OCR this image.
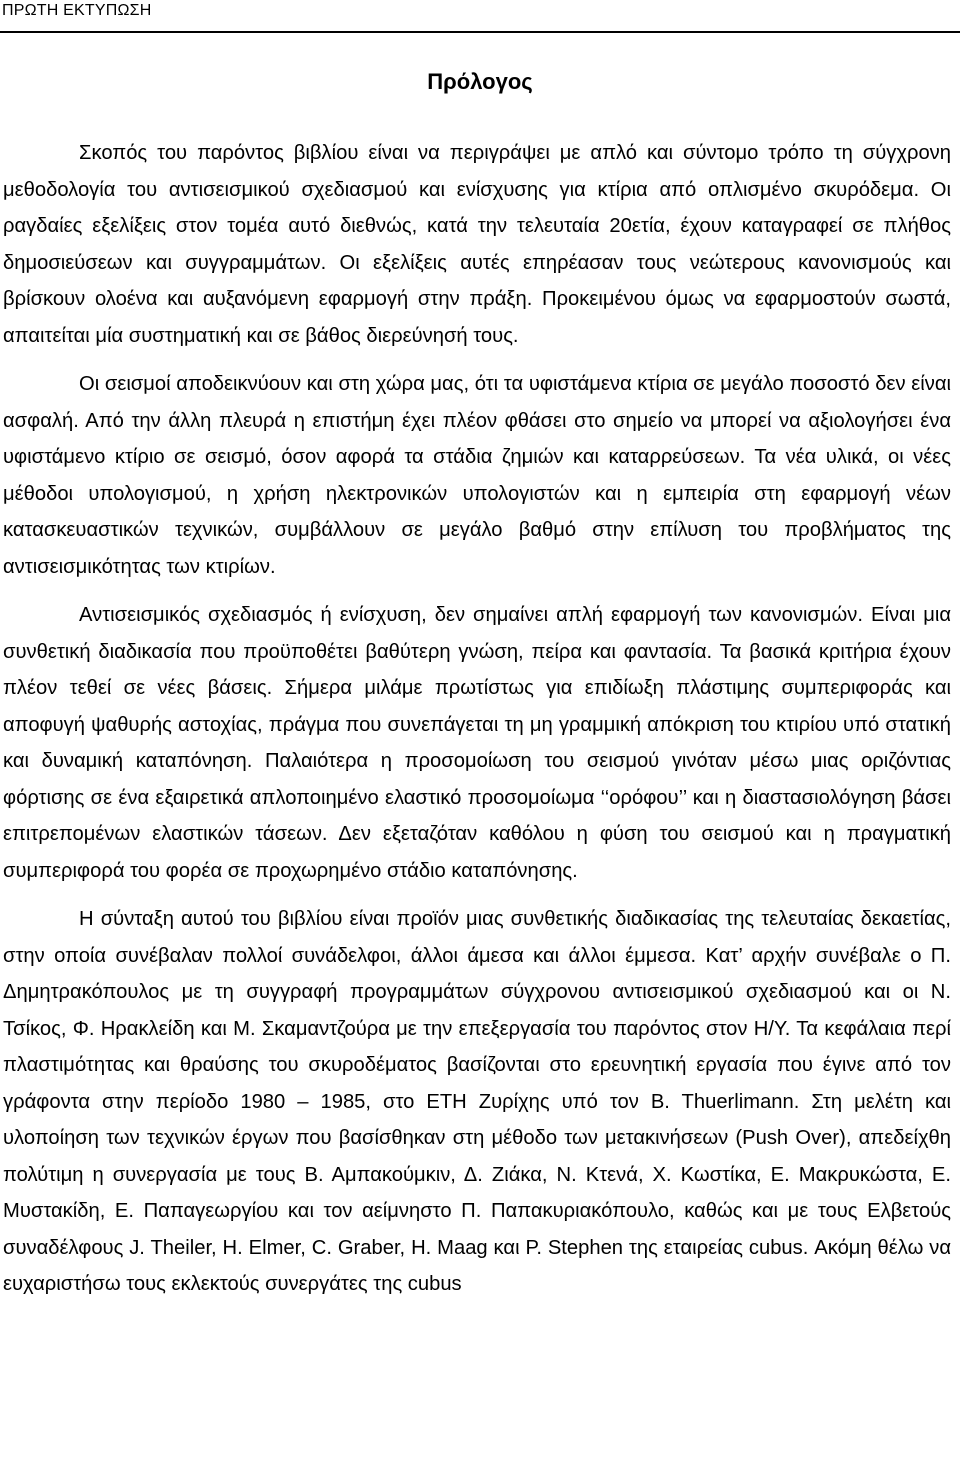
ΠΡΩΤΗ ΕΚΤΥΠΩΣΗ
Πρόλογος

Σκοπός του παρόντος βιβλίου είναι να περιγράψει με απλό και σύντομο τρόπο τη σύγχρονη μεθοδολογία του αντισεισμικού σχεδιασμού και ενίσχυσης για κτίρια από οπλισμένο σκυρόδεμα. Οι ραγδαίες εξελίξεις στον τομέα αυτό διεθνώς, κατά την τελευταία 20ετία, έχουν καταγραφεί σε πλήθος δημοσιεύσεων και συγγραμμάτων. Οι εξελίξεις αυτές επηρέασαν τους νεώτερους κανονισμούς και βρίσκουν ολοένα και αυξανόμενη εφαρμογή στην πράξη. Προκειμένου όμως να εφαρμοστούν σωστά, απαιτείται μία συστηματική και σε βάθος διερεύνησή τους.

Οι σεισμοί αποδεικνύουν και στη χώρα μας, ότι τα υφιστάμενα κτίρια σε μεγάλο ποσοστό δεν είναι ασφαλή. Από την άλλη πλευρά η επιστήμη έχει πλέον φθάσει στο σημείο να μπορεί να αξιολογήσει ένα υφιστάμενο κτίριο σε σεισμό, όσον αφορά τα στάδια ζημιών και καταρρεύσεων. Τα νέα υλικά, οι νέες μέθοδοι υπολογισμού, η χρήση ηλεκτρονικών υπολογιστών και η εμπειρία στη εφαρμογή νέων κατασκευαστικών τεχνικών, συμβάλλουν σε μεγάλο βαθμό στην επίλυση του προβλήματος της αντισεισμικότητας των κτιρίων.

Αντισεισμικός σχεδιασμός ή ενίσχυση, δεν σημαίνει απλή εφαρμογή των κανονισμών. Είναι μια συνθετική διαδικασία που προϋποθέτει βαθύτερη γνώση, πείρα και φαντασία. Τα βασικά κριτήρια έχουν πλέον τεθεί σε νέες βάσεις. Σήμερα μιλάμε πρωτίστως για επιδίωξη πλάστιμης συμπεριφοράς και αποφυγή ψαθυρής αστοχίας, πράγμα που συνεπάγεται τη μη γραμμική απόκριση του κτιρίου υπό στατική και δυναμική καταπόνηση. Παλαιότερα η προσομοίωση του σεισμού γινόταν μέσω μιας οριζόντιας φόρτισης σε ένα εξαιρετικά απλοποιημένο ελαστικό προσομοίωμα ‘‘ορόφου’’ και η διαστασιολόγηση βάσει επιτρεπομένων ελαστικών τάσεων. Δεν εξεταζόταν καθόλου η φύση του σεισμού και η πραγματική συμπεριφορά του φορέα σε προχωρημένο στάδιο καταπόνησης.

Η σύνταξη αυτού του βιβλίου είναι προϊόν μιας συνθετικής διαδικασίας της τελευταίας δεκαετίας, στην οποία συνέβαλαν πολλοί συνάδελφοι, άλλοι άμεσα και άλλοι έμμεσα. Κατ’ αρχήν συνέβαλε ο Π. Δημητρακόπουλος με τη συγγραφή προγραμμάτων σύγχρονου αντισεισμικού σχεδιασμού και οι Ν. Τσίκος, Φ. Ηρακλείδη και Μ. Σκαμαντζούρα με την επεξεργασία του παρόντος στον Η/Υ. Τα κεφάλαια περί πλαστιμότητας και θραύσης του σκυροδέματος βασίζονται στο ερευνητική εργασία που έγινε από τον γράφοντα στην περίοδο 1980 – 1985, στο ΕΤΗ Ζυρίχης υπό τον B. Thuerlimann. Στη μελέτη και υλοποίηση των τεχνικών έργων που βασίσθηκαν στη μέθοδο των μετακινήσεων (Push Over), απεδείχθη πολύτιμη η συνεργασία με τους Β. Αμπακούμκιν, Δ. Ζιάκα, Ν. Κτενά, Χ. Κωστίκα, Ε. Μακρυκώστα, Ε. Μυστακίδη, Ε. Παπαγεωργίου και τον αείμνηστο Π. Παπακυριακόπουλο, καθώς και με τους Ελβετούς συναδέλφους J. Theiler, H. Elmer, C. Graber, H. Maag και P. Stephen της εταιρείας cubus. Ακόμη θέλω να ευχαριστήσω τους εκλεκτούς συνεργάτες της cubus
